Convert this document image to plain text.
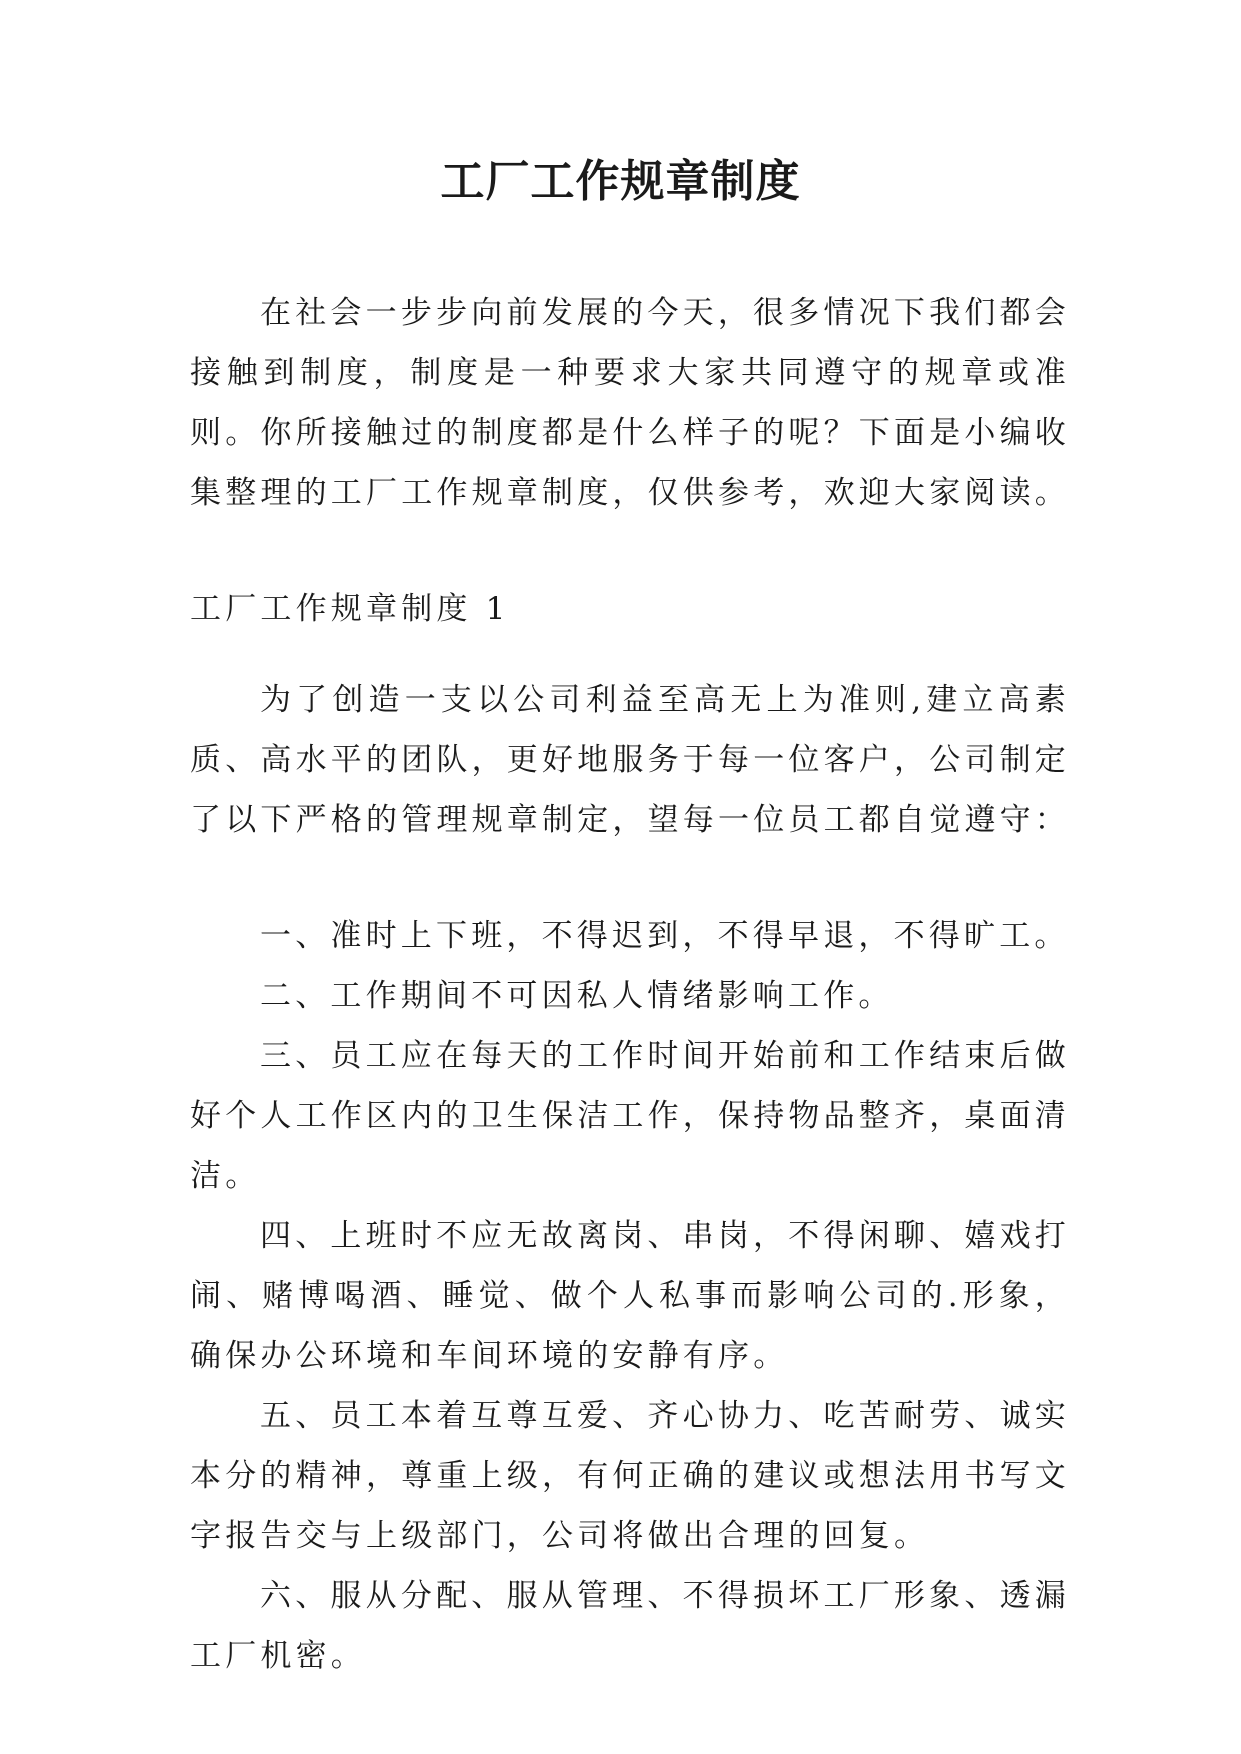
工厂工作规章制度

在社会一步步向前发展的今天，很多情况下我们都会接触到制度，制度是一种要求大家共同遵守的规章或准则。你所接触过的制度都是什么样子的呢？下面是小编收集整理的工厂工作规章制度，仅供参考，欢迎大家阅读。

工厂工作规章制度 1

为了创造一支以公司利益至高无上为准则,建立高素质、高水平的团队，更好地服务于每一位客户，公司制定了以下严格的管理规章制定，望每一位员工都自觉遵守：

一、准时上下班，不得迟到，不得早退，不得旷工。

二、工作期间不可因私人情绪影响工作。

三、员工应在每天的工作时间开始前和工作结束后做好个人工作区内的卫生保洁工作，保持物品整齐，桌面清洁。

四、上班时不应无故离岗、串岗，不得闲聊、嬉戏打闹、赌博喝酒、睡觉、做个人私事而影响公司的.形象，确保办公环境和车间环境的安静有序。

五、员工本着互尊互爱、齐心协力、吃苦耐劳、诚实本分的精神，尊重上级，有何正确的建议或想法用书写文字报告交与上级部门，公司将做出合理的回复。

六、服从分配、服从管理、不得损坏工厂形象、透漏工厂机密。
